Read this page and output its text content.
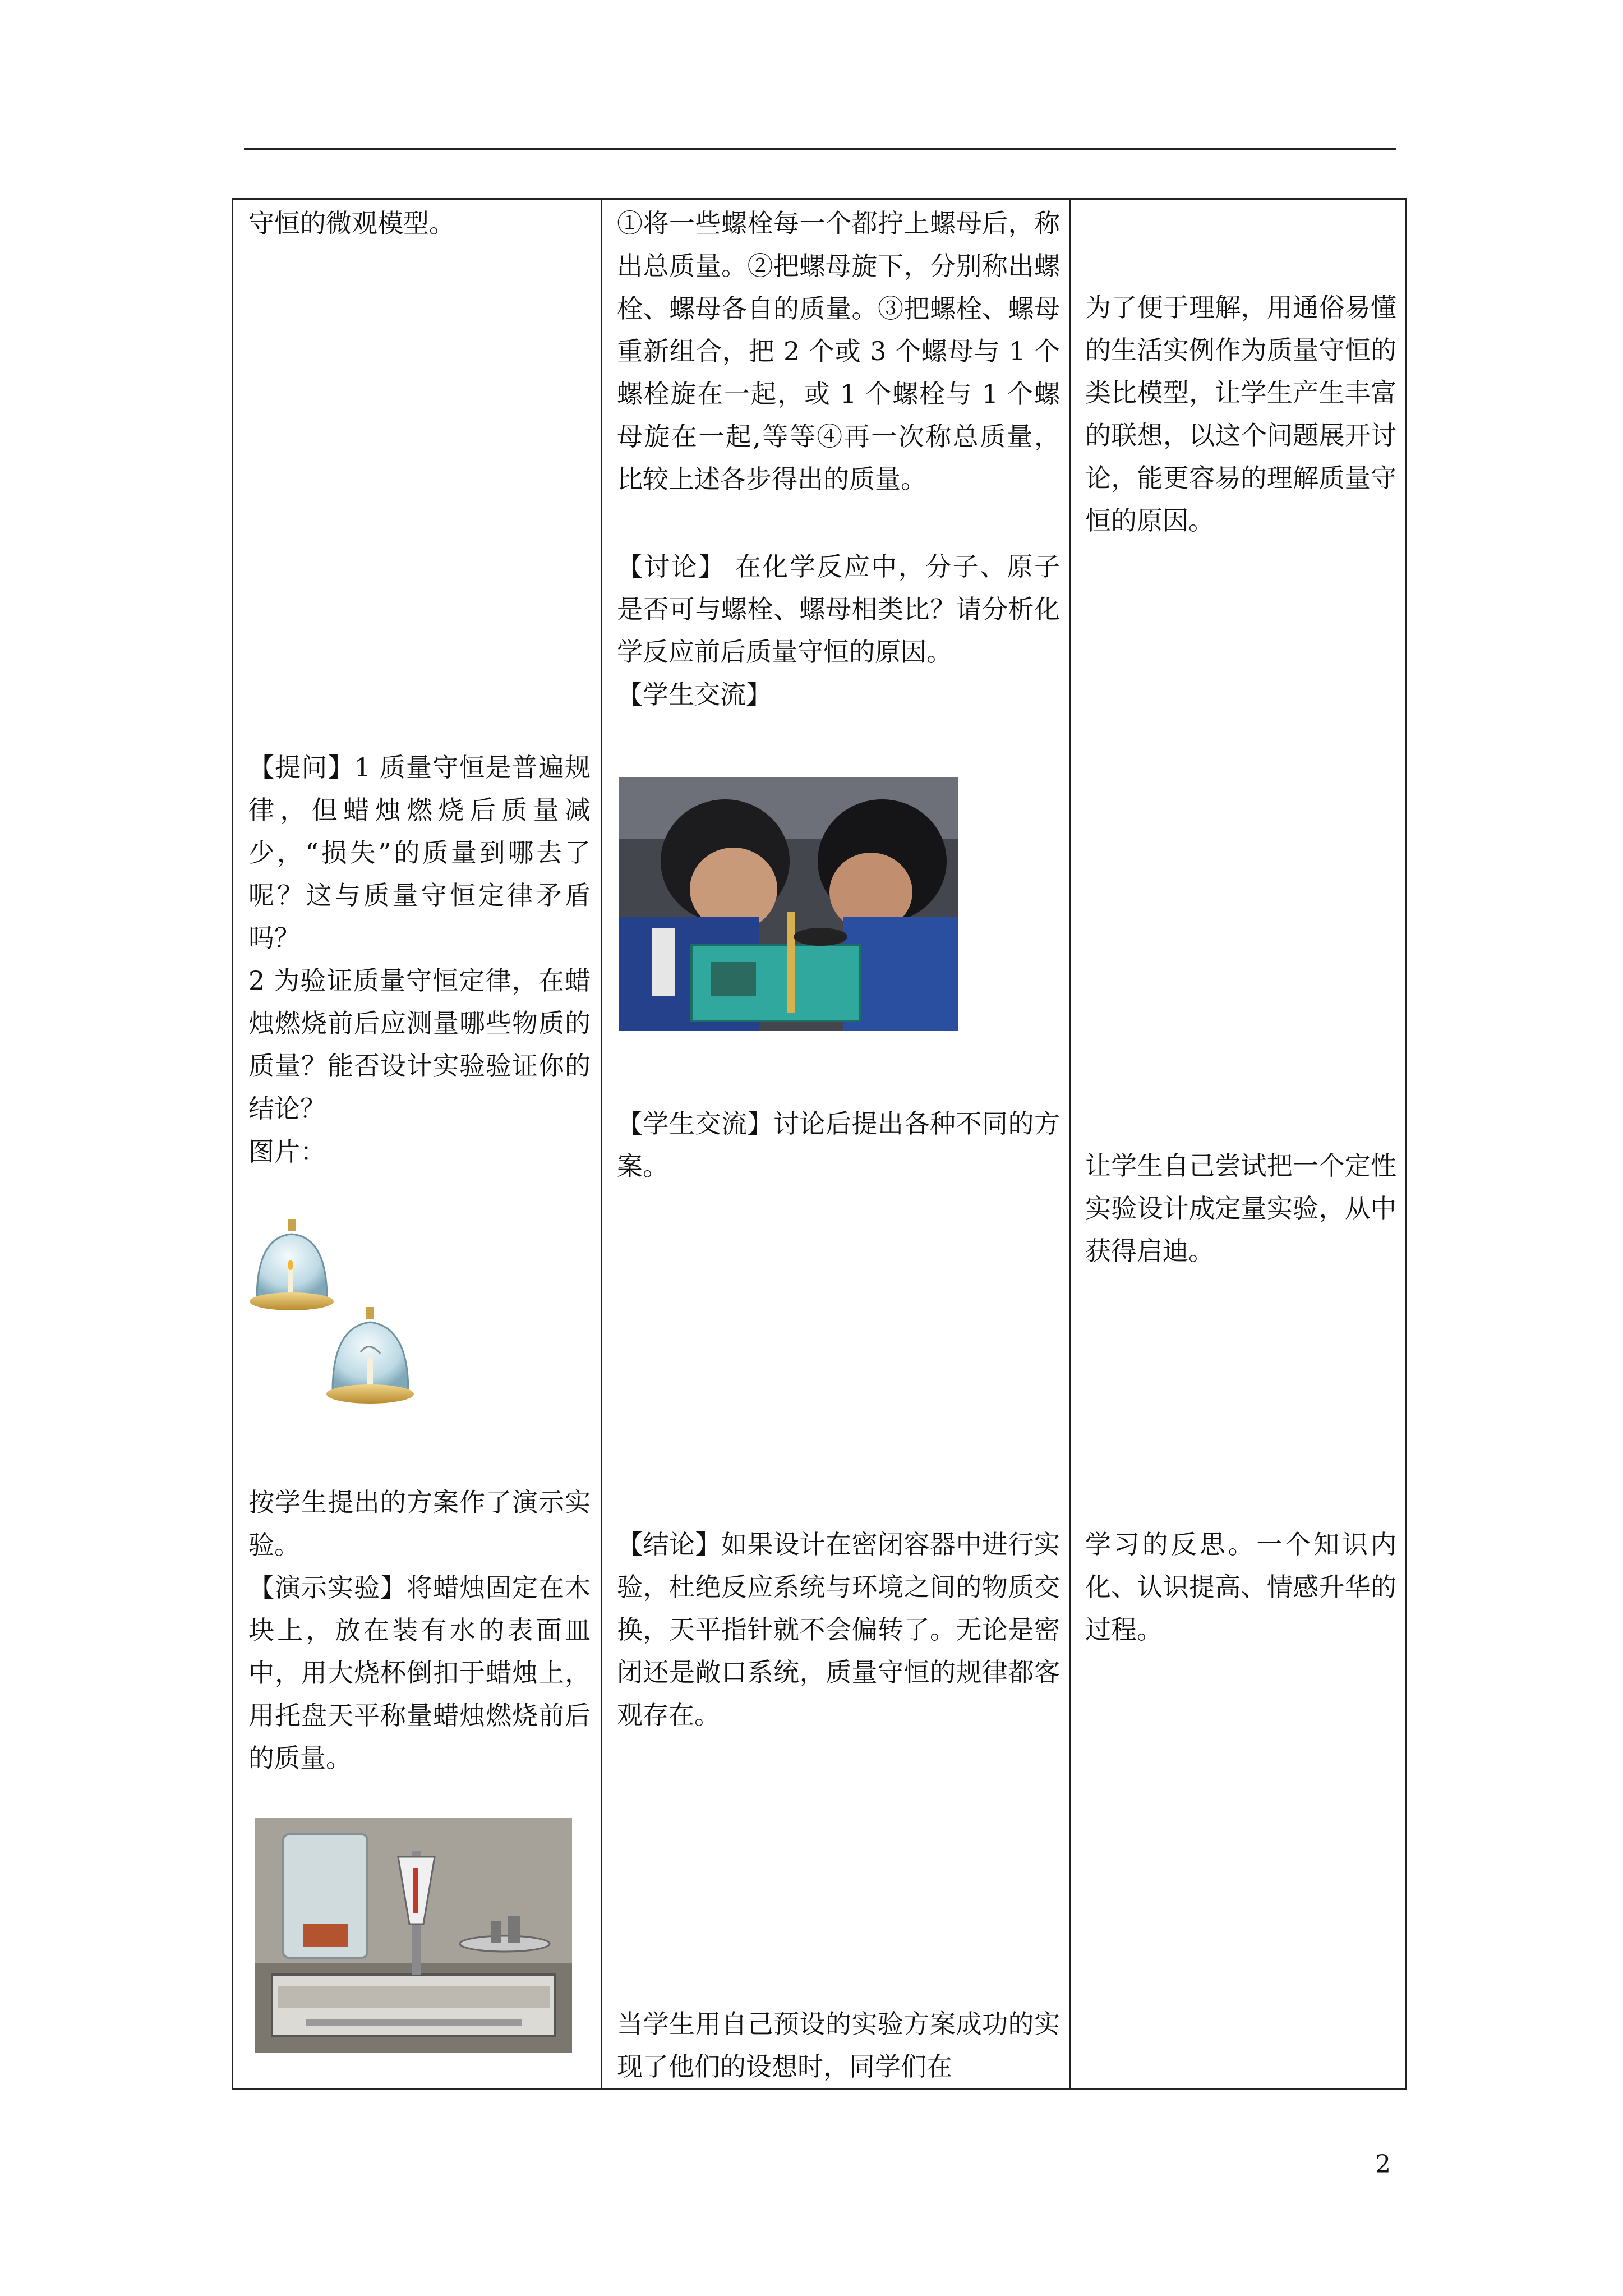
守恒的微观模型。
【提问】1 质量守恒是普遍规律，但蜡烛燃烧后质量减少，“损失”的质量到哪去了呢？这与质量守恒定律矛盾吗？
2 为验证质量守恒定律，在蜡烛燃烧前后应测量哪些物质的质量？能否设计实验验证你的结论？
图片：
按学生提出的方案作了演示实验。
【演示实验】将蜡烛固定在木块上，放在装有水的表面皿中，用大烧杯倒扣于蜡烛上，用托盘天平称量蜡烛燃烧前后的质量。
①将一些螺栓每一个都拧上螺母后，称出总质量。②把螺母旋下，分别称出螺栓、螺母各自的质量。③把螺栓、螺母重新组合，把 2 个或 3 个螺母与 1 个螺栓旋在一起，或 1 个螺栓与 1 个螺母旋在一起,等等④再一次称总质量，比较上述各步得出的质量。
【讨论】 在化学反应中，分子、原子是否可与螺栓、螺母相类比？请分析化学反应前后质量守恒的原因。
【学生交流】
【学生交流】讨论后提出各种不同的方案。
【结论】如果设计在密闭容器中进行实验，杜绝反应系统与环境之间的物质交换，天平指针就不会偏转了。无论是密闭还是敞口系统，质量守恒的规律都客观存在。
当学生用自己预设的实验方案成功的实现了他们的设想时，同学们在
为了便于理解，用通俗易懂的生活实例作为质量守恒的类比模型，让学生产生丰富的联想，以这个问题展开讨论，能更容易的理解质量守恒的原因。
让学生自己尝试把一个定性实验设计成定量实验，从中获得启迪。
学习的反思。一个知识内化、认识提高、情感升华的过程。
2
